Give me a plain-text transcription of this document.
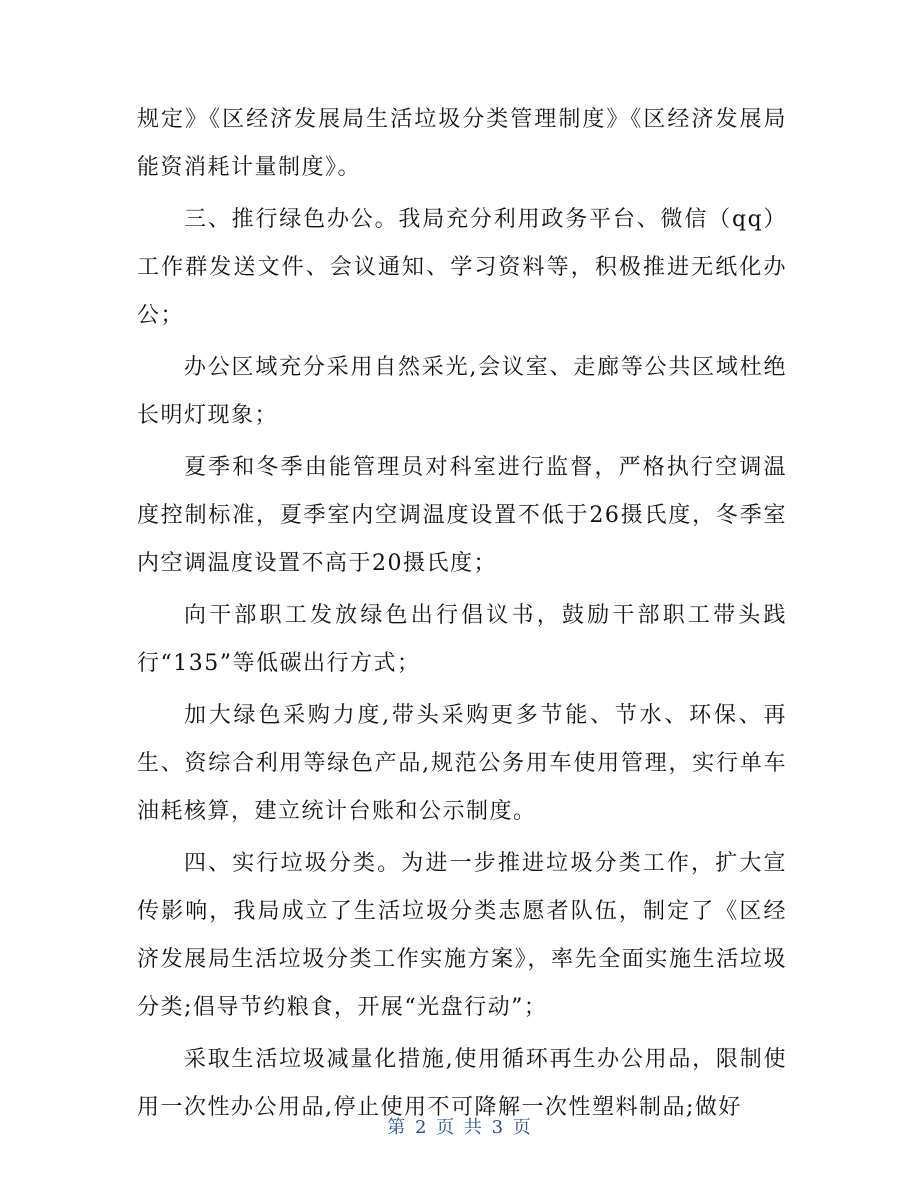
规定》《区经济发展局生活垃圾分类管理制度》《区经济发展局能资消耗计量制度》。

三、推行绿色办公。我局充分利用政务平台、微信（qq）工作群发送文件、会议通知、学习资料等，积极推进无纸化办公；

办公区域充分采用自然采光,会议室、走廊等公共区域杜绝长明灯现象；

夏季和冬季由能管理员对科室进行监督，严格执行空调温度控制标准，夏季室内空调温度设置不低于26摄氏度，冬季室内空调温度设置不高于20摄氏度；

向干部职工发放绿色出行倡议书，鼓励干部职工带头践行“135”等低碳出行方式；

加大绿色采购力度,带头采购更多节能、节水、环保、再生、资综合利用等绿色产品,规范公务用车使用管理，实行单车油耗核算，建立统计台账和公示制度。

四、实行垃圾分类。为进一步推进垃圾分类工作，扩大宣传影响，我局成立了生活垃圾分类志愿者队伍，制定了《区经济发展局生活垃圾分类工作实施方案》，率先全面实施生活垃圾分类;倡导节约粮食，开展“光盘行动”；

采取生活垃圾减量化措施,使用循环再生办公用品，限制使用一次性办公用品,停止使用不可降解一次性塑料制品;做好

第 2 页 共 3 页
